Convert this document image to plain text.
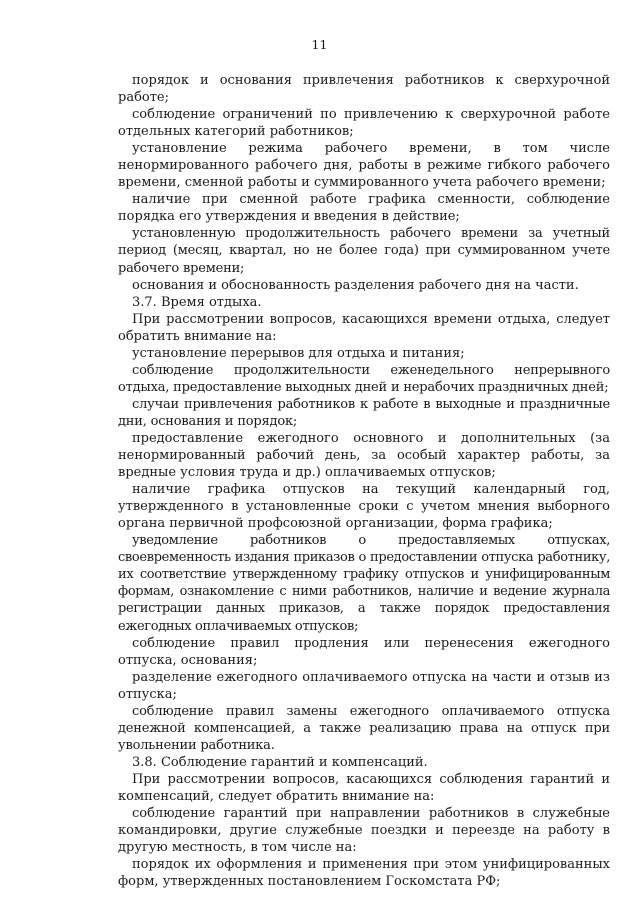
11

порядок и основания привлечения работников к сверхурочной работе;

соблюдение ограничений по привлечению к сверхурочной работе отдельных категорий работников;

установление режима рабочего времени, в том числе ненормированного рабочего дня, работы в режиме гибкого рабочего времени, сменной работы и суммированного учета рабочего времени;

наличие при сменной работе графика сменности, соблюдение порядка его утверждения и введения в действие;

установленную продолжительность рабочего времени за учетный период (месяц, квартал, но не более года) при суммированном учете рабочего времени;

основания и обоснованность разделения рабочего дня на части.

3.7. Время отдыха.

При рассмотрении вопросов, касающихся времени отдыха, следует обратить внимание на:

установление перерывов для отдыха и питания;

соблюдение продолжительности еженедельного непрерывного отдыха, предоставление выходных дней и нерабочих праздничных дней;

случаи привлечения работников к работе в выходные и праздничные дни, основания и порядок;

предоставление ежегодного основного и дополнительных (за ненормированный рабочий день, за особый характер работы, за вредные условия труда и др.) оплачиваемых отпусков;

наличие графика отпусков на текущий календарный год, утвержденного в установленные сроки с учетом мнения выборного органа первичной профсоюзной организации, форма графика;

уведомление работников о предоставляемых отпусках, своевременность издания приказов о предоставлении отпуска работнику, их соответствие утвержденному графику отпусков и унифицированным формам, ознакомление с ними работников, наличие и ведение журнала регистрации данных приказов, а также порядок предоставления ежегодных оплачиваемых отпусков;

соблюдение правил продления или перенесения ежегодного отпуска, основания;

разделение ежегодного оплачиваемого отпуска на части и отзыв из отпуска;

соблюдение правил замены ежегодного оплачиваемого отпуска денежной компенсацией, а также реализацию права на отпуск при увольнении работника.

3.8. Соблюдение гарантий и компенсаций.

При рассмотрении вопросов, касающихся соблюдения гарантий и компенсаций, следует обратить внимание на:

соблюдение гарантий при направлении работников в служебные командировки, другие служебные поездки и переезде на работу в другую местность, в том числе на:

порядок их оформления и применения при этом унифицированных форм, утвержденных постановлением Госкомстата РФ;
